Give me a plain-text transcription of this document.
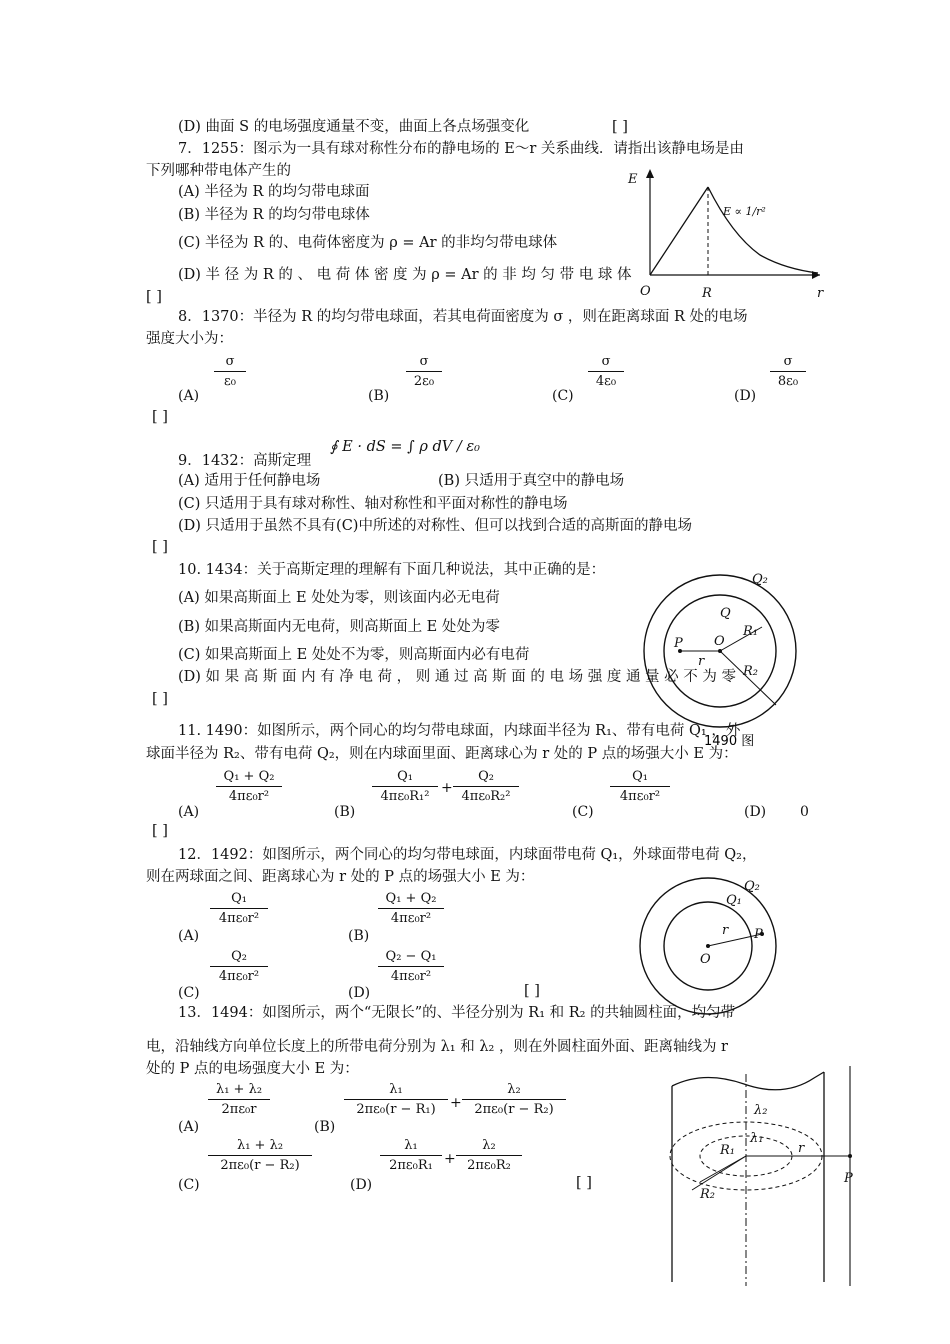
(D) 曲面 S 的电场强度通量不变，曲面上各点场强变化	[ ]
7．1255：图示为一具有球对称性分布的静电场的 E～r 关系曲线．请指出该静电场是由
下列哪种带电体产生的
(A) 半径为 R 的均匀带电球面
(B) 半径为 R 的均匀带电球体
(C) 半径为 R 的、电荷体密度为 ρ = Ar 的非均匀带电球体
(D) 半 径 为 R 的 、 电 荷 体 密 度 为 ρ = Ar 的 非 均 匀 带 电 球 体
[ ]
E
O	R	r
E ∝ 1/r²
8．1370：半径为 R 的均匀带电球面，若其电荷面密度为 σ ，则在距离球面 R 处的电场
强度大小为：
(A)
$\frac{\sigma}{\text{ε₀}}$
(B)
$\frac{\sigma}{\text{2ε₀}}$
(C)
$\frac{\sigma}{\text{4ε₀}}$
(D)
$\frac{\sigma}{\text{8ε₀}}$
[ ]
9．1432：高斯定理
∮ E · dS = ∫ ρ dV / ε₀
(A) 适用于任何静电场	(B) 只适用于真空中的静电场
(C) 只适用于具有球对称性、轴对称性和平面对称性的静电场
(D) 只适用于虽然不具有(C)中所述的对称性、但可以找到合适的高斯面的静电场
[ ]
10. 1434：关于高斯定理的理解有下面几种说法，其中正确的是：
(A) 如果高斯面上 E 处处为零，则该面内必无电荷
(B) 如果高斯面内无电荷，则高斯面上 E 处处为零
(C) 如果高斯面上 E 处处不为零，则高斯面内必有电荷
(D) 如 果 高 斯 面 内 有 净 电 荷 ， 则 通 过 高 斯 面 的 电 场 强 度 通 量 必 不 为 零
[ ]
Q₂
Q
R₁
R₂
P O
r
1490 图
11. 1490：如图所示，两个同心的均匀带电球面，内球面半径为 R₁、带有电荷 Q₁ ，外
球面半径为 R₂、带有电荷 Q₂，则在内球面里面、距离球心为 r 处的 P 点的场强大小 E 为：
(A)
$\frac{\text{Q₁ + Q₂}}{\text{4πε₀r²}}$
(B)
$\frac{\text{Q₁}}{\text{4πε₀R₁²}} + \frac{\text{Q₂}}{\text{4πε₀R₂²}}$
(C)
$\frac{\text{Q₁}}{\text{4πε₀r²}}$
(D) 0
[ ]
12．1492：如图所示，两个同心的均匀带电球面，内球面带电荷 Q₁，外球面带电荷 Q₂，
则在两球面之间、距离球心为 r 处的 P 点的场强大小 E 为：
(A)
$\frac{\text{Q₁}}{\text{4πε₀r²}}$
(B)
$\frac{\text{Q₁ + Q₂}}{\text{4πε₀r²}}$
(C)
$\frac{\text{Q₂}}{\text{4πε₀r²}}$
(D)
$\frac{\text{Q₂ − Q₁}}{\text{4πε₀r²}}$
[ ]
Q₂
Q₁
r P
O
13．1494：如图所示，两个“无限长”的、半径分别为 R₁ 和 R₂ 的共轴圆柱面，均匀带
电，沿轴线方向单位长度上的所带电荷分别为 λ₁ 和 λ₂ ，则在外圆柱面外面、距离轴线为 r
处的 P 点的电场强度大小 E 为：
(A)
$\frac{\text{λ₁ + λ₂}}{\text{2πε₀r}}$
(B)
$\frac{\text{λ₁}}{\text{2πε₀(r − R₁)}} + \frac{\text{λ₂}}{\text{2πε₀(r − R₂)}}$
(C)
$\frac{\text{λ₁ + λ₂}}{\text{2πε₀(r − R₂)}}$
(D)
$\frac{\text{λ₁}}{\text{2πε₀R₁}} + \frac{\text{λ₂}}{\text{2πε₀R₂}}$
[ ]
λ₂
λ₁
R₁
R₂
r
P
